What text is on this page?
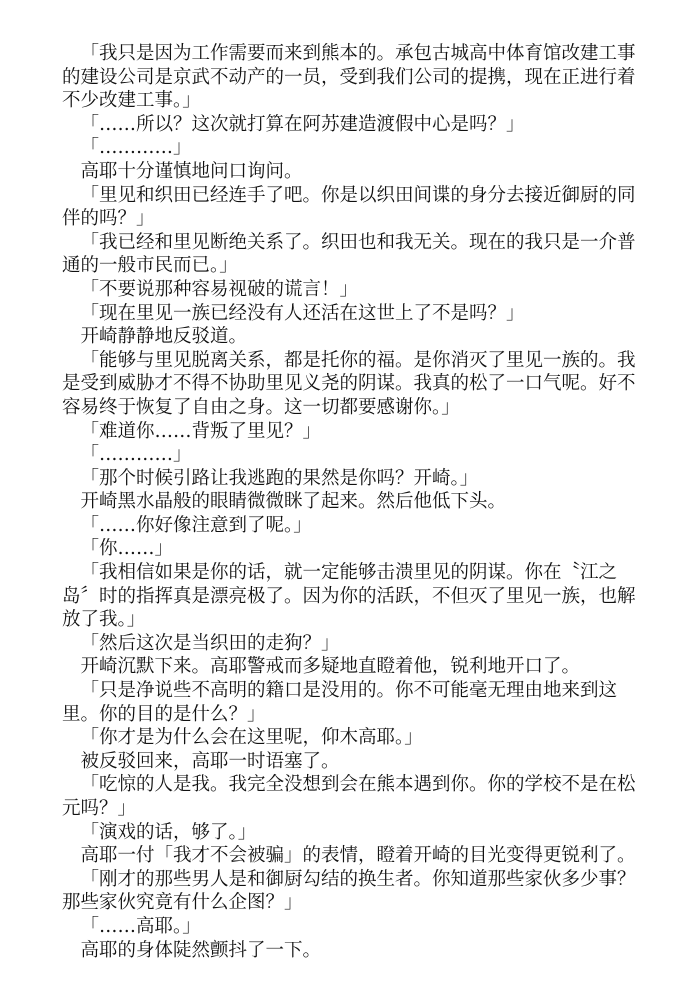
「我只是因为工作需要而来到熊本的。承包古城高中体育馆改建工事的建设公司是京武不动产的一员，受到我们公司的提携，现在正进行着不少改建工事。」

「……所以？这次就打算在阿苏建造渡假中心是吗？」

「…………」

高耶十分谨慎地问口询问。

「里见和织田已经连手了吧。你是以织田间谍的身分去接近御厨的同伴的吗？」

「我已经和里见断绝关系了。织田也和我无关。现在的我只是一介普通的一般市民而已。」

「不要说那种容易视破的谎言！」

「现在里见一族已经没有人还活在这世上了不是吗？」

开崎静静地反驳道。

「能够与里见脱离关系，都是托你的福。是你消灭了里见一族的。我是受到威胁才不得不协助里见义尧的阴谋。我真的松了一口气呢。好不容易终于恢复了自由之身。这一切都要感谢你。」

「难道你……背叛了里见？」

「…………」

「那个时候引路让我逃跑的果然是你吗？开崎。」

开崎黑水晶般的眼睛微微眯了起来。然后他低下头。

「……你好像注意到了呢。」

「你……」

「我相信如果是你的话，就一定能够击溃里见的阴谋。你在〝江之岛〞时的指挥真是漂亮极了。因为你的活跃，不但灭了里见一族，也解放了我。」

「然后这次是当织田的走狗？」

开崎沉默下来。高耶警戒而多疑地直瞪着他，锐利地开口了。

「只是净说些不高明的籍口是没用的。你不可能毫无理由地来到这里。你的目的是什么？」

「你才是为什么会在这里呢，仰木高耶。」

被反驳回来，高耶一时语塞了。

「吃惊的人是我。我完全没想到会在熊本遇到你。你的学校不是在松元吗？」

「演戏的话，够了。」

高耶一付「我才不会被骗」的表情，瞪着开崎的目光变得更锐利了。

「刚才的那些男人是和御厨勾结的换生者。你知道那些家伙多少事？那些家伙究竟有什么企图？」

「……高耶。」

高耶的身体陡然颤抖了一下。
